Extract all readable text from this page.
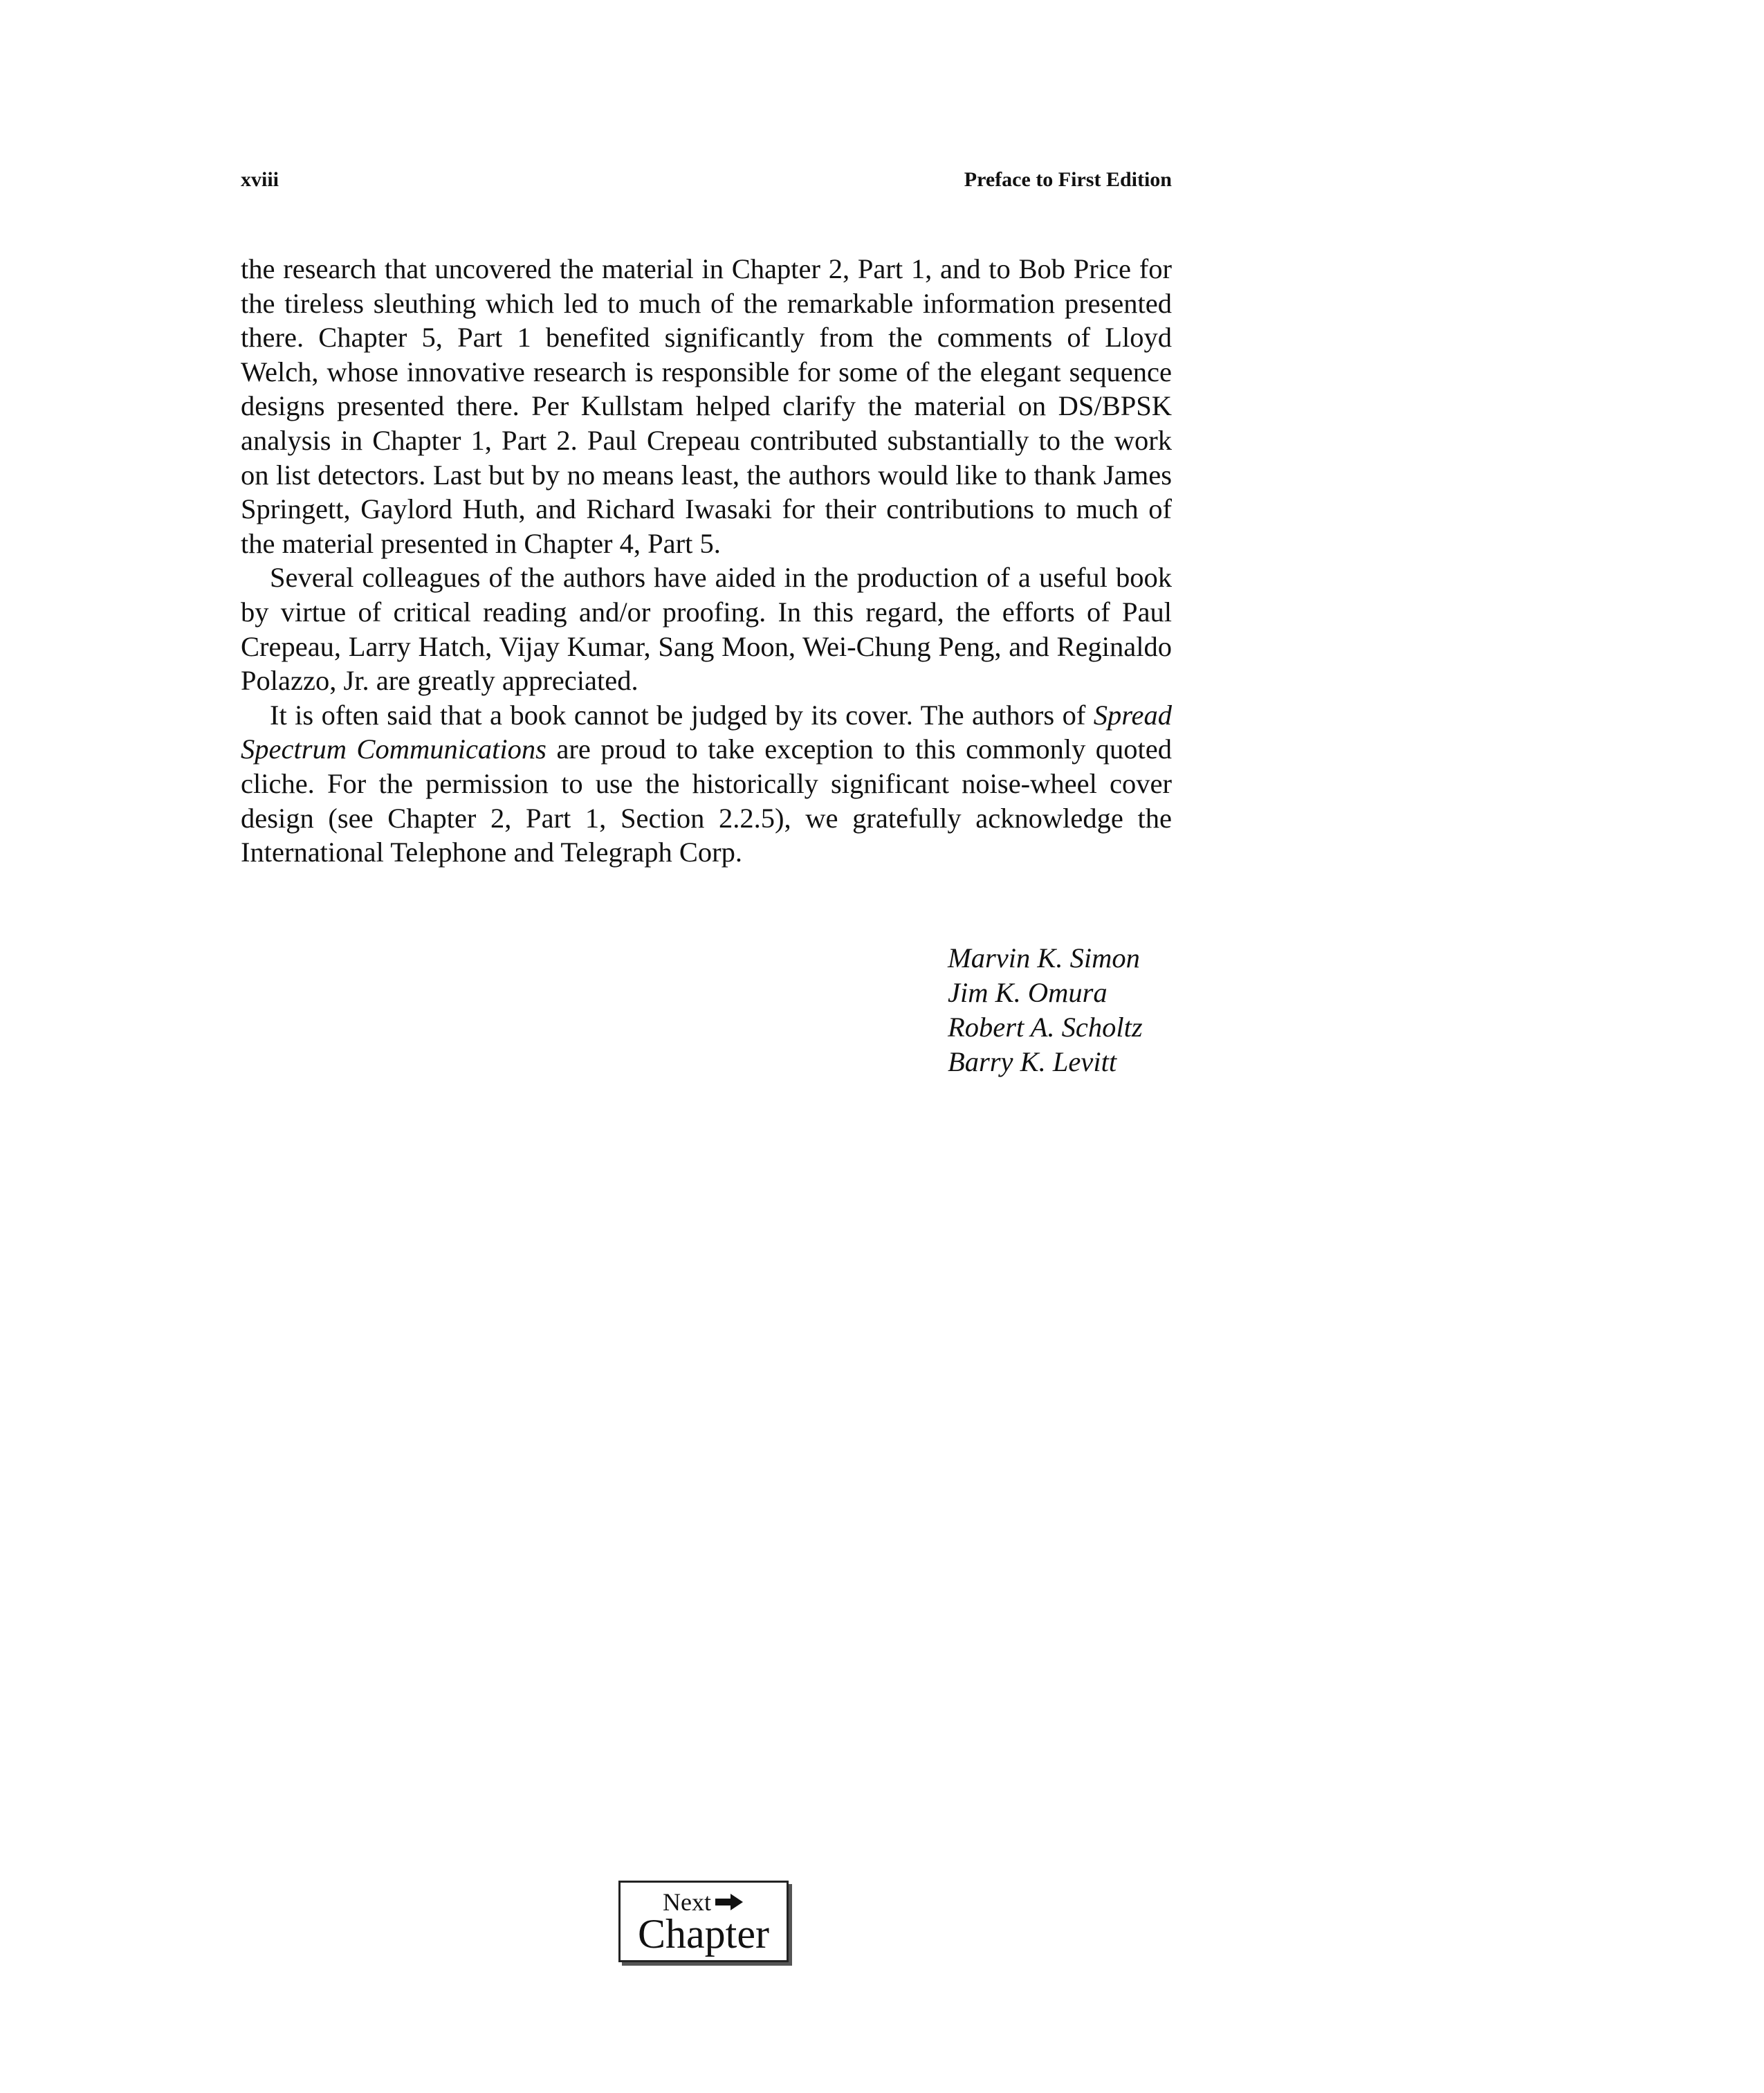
xviii	Preface to First Edition

the research that uncovered the material in Chapter 2, Part 1, and to Bob Price for the tireless sleuthing which led to much of the remarkable information presented there. Chapter 5, Part 1 benefited significantly from the comments of Lloyd Welch, whose innovative research is responsible for some of the elegant sequence designs presented there. Per Kullstam helped clarify the material on DS/BPSK analysis in Chapter 1, Part 2. Paul Crepeau contributed substantially to the work on list detectors. Last but by no means least, the authors would like to thank James Springett, Gaylord Huth, and Richard Iwasaki for their contributions to much of the material presented in Chapter 4, Part 5.

Several colleagues of the authors have aided in the production of a useful book by virtue of critical reading and/or proofing. In this regard, the efforts of Paul Crepeau, Larry Hatch, Vijay Kumar, Sang Moon, Wei-Chung Peng, and Reginaldo Polazzo, Jr. are greatly appreciated.

It is often said that a book cannot be judged by its cover. The authors of Spread Spectrum Communications are proud to take exception to this commonly quoted cliche. For the permission to use the historically significant noise-wheel cover design (see Chapter 2, Part 1, Section 2.2.5), we gratefully acknowledge the International Telephone and Telegraph Corp.

Marvin K. Simon
Jim K. Omura
Robert A. Scholtz
Barry K. Levitt
Next
Chapter
